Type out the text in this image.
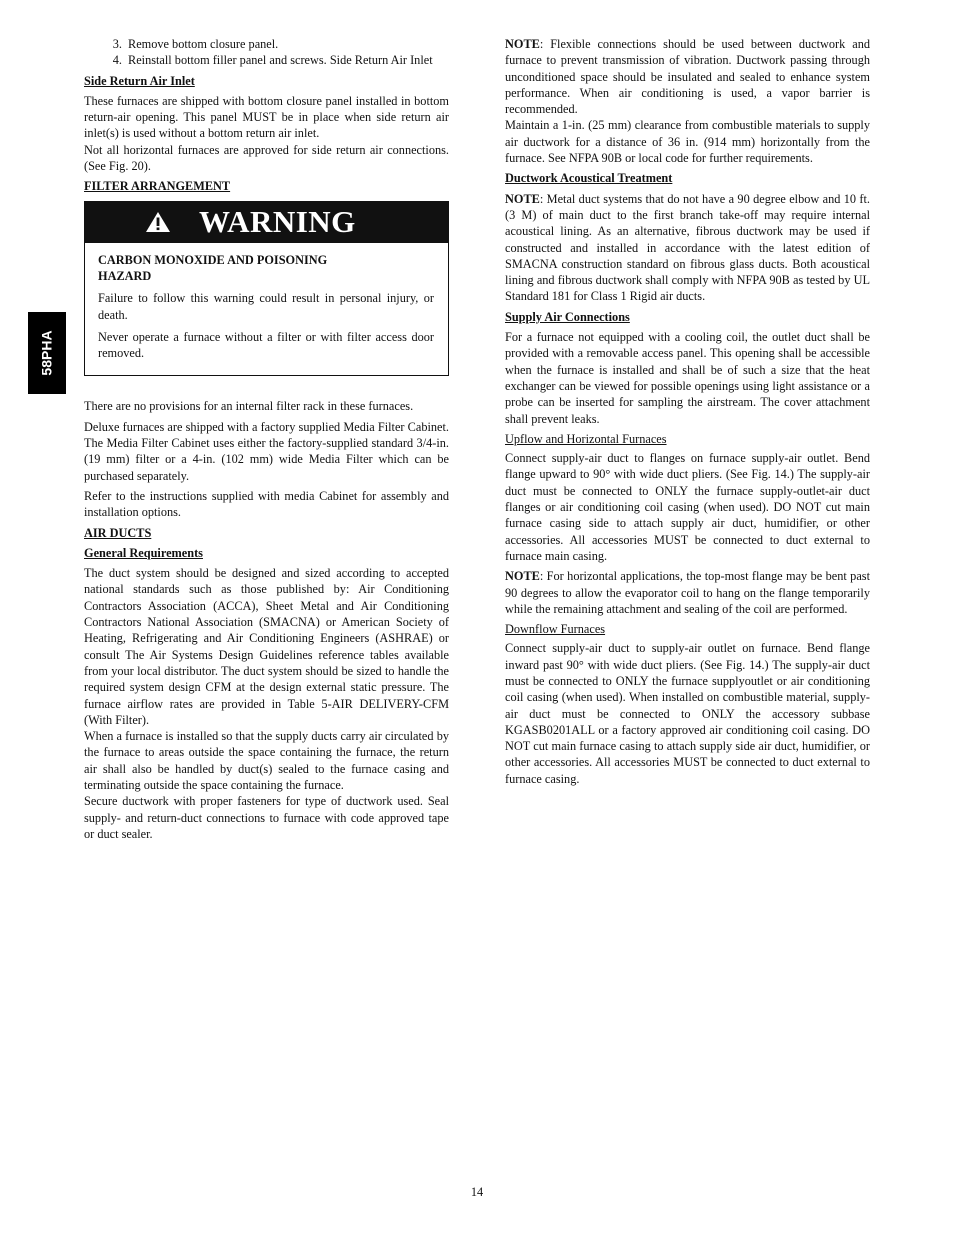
58PHA
3. Remove bottom closure panel.
4. Reinstall bottom filler panel and screws. Side Return Air Inlet
Side Return Air Inlet

These furnaces are shipped with bottom closure panel installed in bottom return-air opening. This panel MUST be in place when side return air inlet(s) is used without a bottom return air inlet.

Not all horizontal furnaces are approved for side return air connections. (See Fig. 20).

FILTER ARRANGEMENT
WARNING
CARBON MONOXIDE AND POISONING HAZARD

Failure to follow this warning could result in personal injury, or death.

Never operate a furnace without a filter or with filter access door removed.

There are no provisions for an internal filter rack in these furnaces.

Deluxe furnaces are shipped with a factory supplied Media Filter Cabinet. The Media Filter Cabinet uses either the factory-supplied standard 3/4-in. (19 mm) filter or a 4-in. (102 mm) wide Media Filter which can be purchased separately.

Refer to the instructions supplied with media Cabinet for assembly and installation options.

AIR DUCTS
General Requirements

The duct system should be designed and sized according to accepted national standards such as those published by: Air Conditioning Contractors Association (ACCA), Sheet Metal and Air Conditioning Contractors National Association (SMACNA) or American Society of Heating, Refrigerating and Air Conditioning Engineers (ASHRAE) or consult The Air Systems Design Guidelines reference tables available from your local distributor. The duct system should be sized to handle the required system design CFM at the design external static pressure. The furnace airflow rates are provided in Table 5-AIR DELIVERY-CFM (With Filter).

When a furnace is installed so that the supply ducts carry air circulated by the furnace to areas outside the space containing the furnace, the return air shall also be handled by duct(s) sealed to the furnace casing and terminating outside the space containing the furnace.

Secure ductwork with proper fasteners for type of ductwork used. Seal supply- and return-duct connections to furnace with code approved tape or duct sealer.

NOTE: Flexible connections should be used between ductwork and furnace to prevent transmission of vibration. Ductwork passing through unconditioned space should be insulated and sealed to enhance system performance. When air conditioning is used, a vapor barrier is recommended.

Maintain a 1-in. (25 mm) clearance from combustible materials to supply air ductwork for a distance of 36 in. (914 mm) horizontally from the furnace. See NFPA 90B or local code for further requirements.

Ductwork Acoustical Treatment

NOTE: Metal duct systems that do not have a 90 degree elbow and 10 ft. (3 M) of main duct to the first branch take-off may require internal acoustical lining. As an alternative, fibrous ductwork may be used if constructed and installed in accordance with the latest edition of SMACNA construction standard on fibrous glass ducts. Both acoustical lining and fibrous ductwork shall comply with NFPA 90B as tested by UL Standard 181 for Class 1 Rigid air ducts.

Supply Air Connections

For a furnace not equipped with a cooling coil, the outlet duct shall be provided with a removable access panel. This opening shall be accessible when the furnace is installed and shall be of such a size that the heat exchanger can be viewed for possible openings using light assistance or a probe can be inserted for sampling the airstream. The cover attachment shall prevent leaks.

Upflow and Horizontal Furnaces

Connect supply-air duct to flanges on furnace supply-air outlet. Bend flange upward to 90° with wide duct pliers. (See Fig. 14.) The supply-air duct must be connected to ONLY the furnace supply-outlet-air duct flanges or air conditioning coil casing (when used). DO NOT cut main furnace casing side to attach supply air duct, humidifier, or other accessories. All accessories MUST be connected to duct external to furnace main casing.

NOTE: For horizontal applications, the top-most flange may be bent past 90 degrees to allow the evaporator coil to hang on the flange temporarily while the remaining attachment and sealing of the coil are performed.

Downflow Furnaces

Connect supply-air duct to supply-air outlet on furnace. Bend flange inward past 90° with wide duct pliers. (See Fig. 14.) The supply-air duct must be connected to ONLY the furnace supplyoutlet or air conditioning coil casing (when used). When installed on combustible material, supply-air duct must be connected to ONLY the accessory subbase KGASB0201ALL or a factory approved air conditioning coil casing. DO NOT cut main furnace casing to attach supply side air duct, humidifier, or other accessories. All accessories MUST be connected to duct external to furnace casing.

14
